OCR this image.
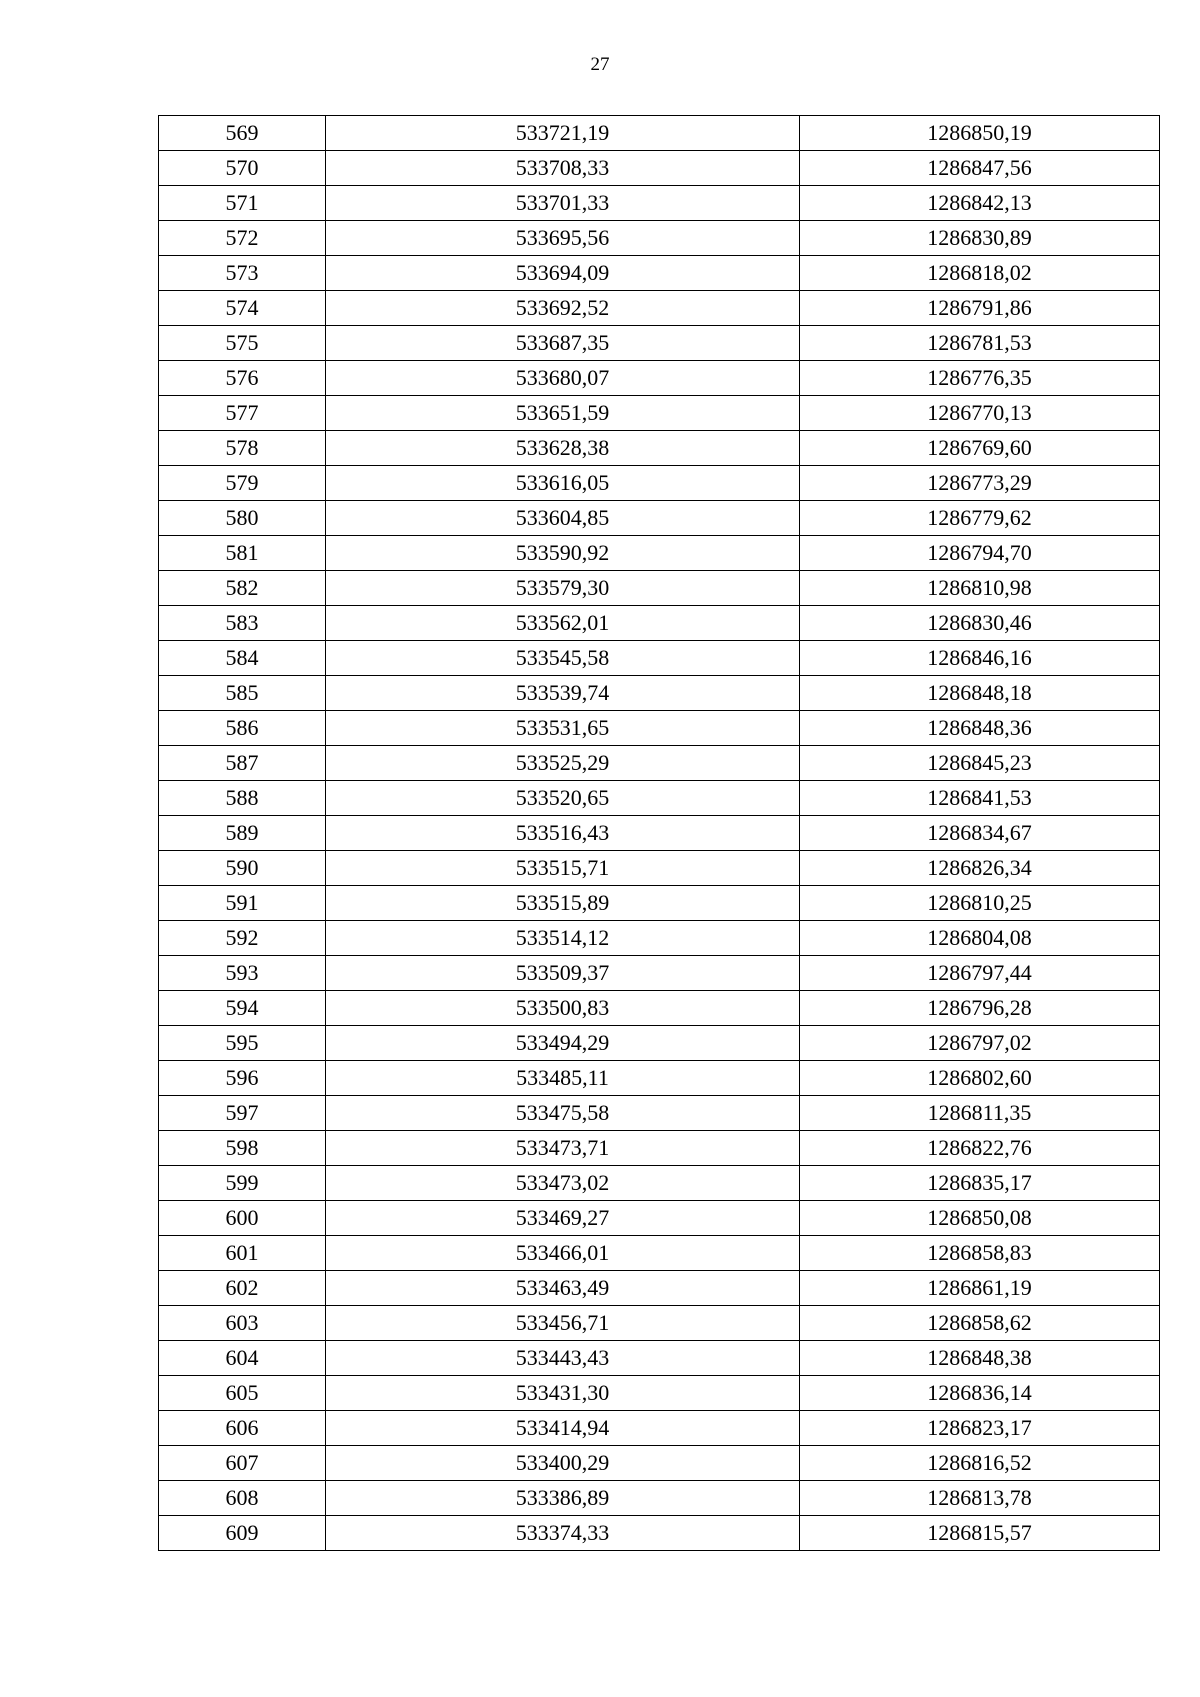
27
569	533721,19	1286850,19
570	533708,33	1286847,56
571	533701,33	1286842,13
572	533695,56	1286830,89
573	533694,09	1286818,02
574	533692,52	1286791,86
575	533687,35	1286781,53
576	533680,07	1286776,35
577	533651,59	1286770,13
578	533628,38	1286769,60
579	533616,05	1286773,29
580	533604,85	1286779,62
581	533590,92	1286794,70
582	533579,30	1286810,98
583	533562,01	1286830,46
584	533545,58	1286846,16
585	533539,74	1286848,18
586	533531,65	1286848,36
587	533525,29	1286845,23
588	533520,65	1286841,53
589	533516,43	1286834,67
590	533515,71	1286826,34
591	533515,89	1286810,25
592	533514,12	1286804,08
593	533509,37	1286797,44
594	533500,83	1286796,28
595	533494,29	1286797,02
596	533485,11	1286802,60
597	533475,58	1286811,35
598	533473,71	1286822,76
599	533473,02	1286835,17
600	533469,27	1286850,08
601	533466,01	1286858,83
602	533463,49	1286861,19
603	533456,71	1286858,62
604	533443,43	1286848,38
605	533431,30	1286836,14
606	533414,94	1286823,17
607	533400,29	1286816,52
608	533386,89	1286813,78
609	533374,33	1286815,57
